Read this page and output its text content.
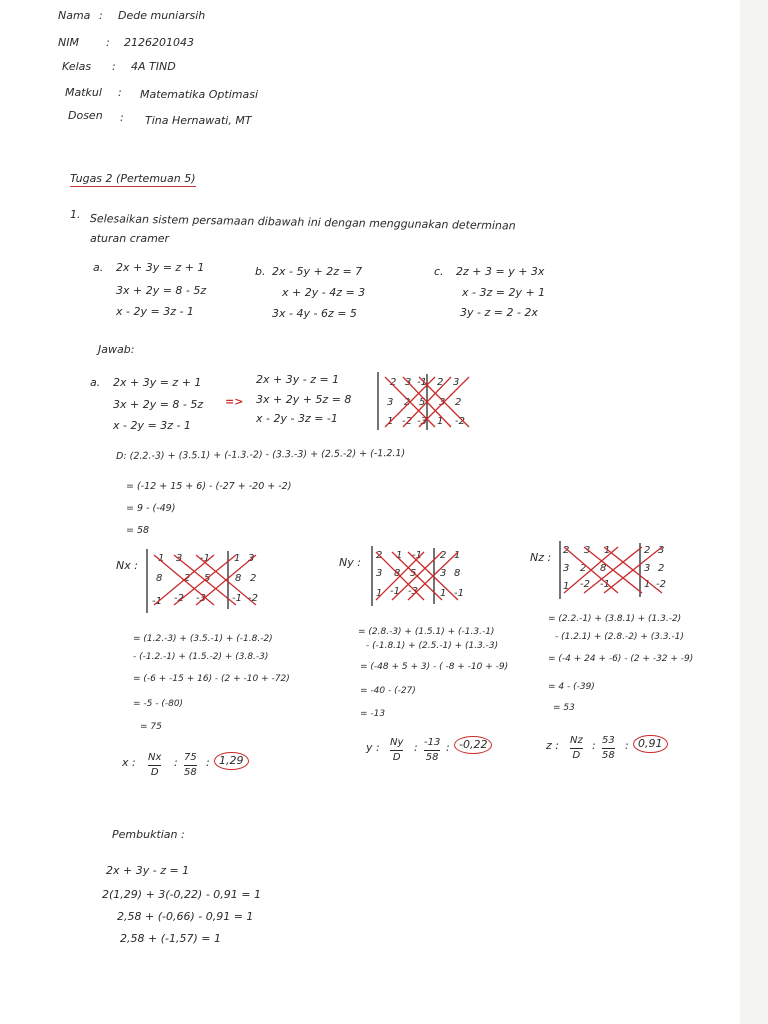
Nama : Dede muniarsih
NIM : 2126201043
Kelas : 4A TIND
Matkul : Matematika Optimasi
Dosen : Tina Hernawati, MT
Tugas 2 (Pertemuan 5)
1. Selesaikan sistem persamaan dibawah ini dengan menggunakan determinan
aturan cramer
a. 2x + 3y = z + 1
3x + 2y = 8 - 5z
x - 2y = 3z - 1
b. 2x - 5y + 2z = 7
x + 2y - 4z = 3
3x - 4y - 6z = 5
c. 2z + 3 = y + 3x
x - 3z = 2y + 1
3y - z = 2 - 2x
Jawab:
a. 2x + 3y = z + 1
3x + 2y = 8 - 5z
x - 2y = 3z - 1
=>
2x + 3y - z = 1
3x + 2y + 5z = 8
x - 2y - 3z = -1
2 3 -1 2 3
3 2 5 3 2
1 -2 -3 1 -2
D: (2.2.-3) + (3.5.1) + (-1.3.-2) - (3.3.-3) + (2.5.-2) + (-1.2.1)
= (-12 + 15 + 6) - (-27 + -20 + -2)
= 9 - (-49)
= 58
Nx :
1 3 -1 1 3
8 2 5 8 2
-1 -2 -3	-1 -2
= (1.2.-3) + (3.5.-1) + (-1.8.-2)
- (-1.2.-1) + (1.5.-2) + (3.8.-3)
= (-6 + -15 + 16) - (2 + -10 + -72)
= -5 - (-80)
= 75
x : Nx
D
: 75
58
: 1,29
Ny :
2 1 -1 2 1
3 8 5 3 8
1 -1 -3 1 -1
= (2.8.-3) + (1.5.1) + (-1.3.-1)
- (-1.8.1) + (2.5.-1) + (1.3.-3)
= (-48 + 5 + 3) - ( -8 + -10 + -9)
= -40 - (-27)
= -13
y : Ny
D
: -13
58
: -0,22
Nz :
2 3 1	2 3
3 2 8	3 2
1 -2 -1	1 -2
= (2.2.-1) + (3.8.1) + (1.3.-2)
- (1.2.1) + (2.8.-2) + (3.3.-1)
= (-4 + 24 + -6) - (2 + -32 + -9)
= 4 - (-39)
= 53
z : Nz
D
: 53
58
: 0,91
Pembuktian :
2x + 3y - z = 1
2(1,29) + 3(-0,22) - 0,91 = 1
2,58 + (-0,66) - 0,91 = 1
2,58 + (-1,57) = 1
